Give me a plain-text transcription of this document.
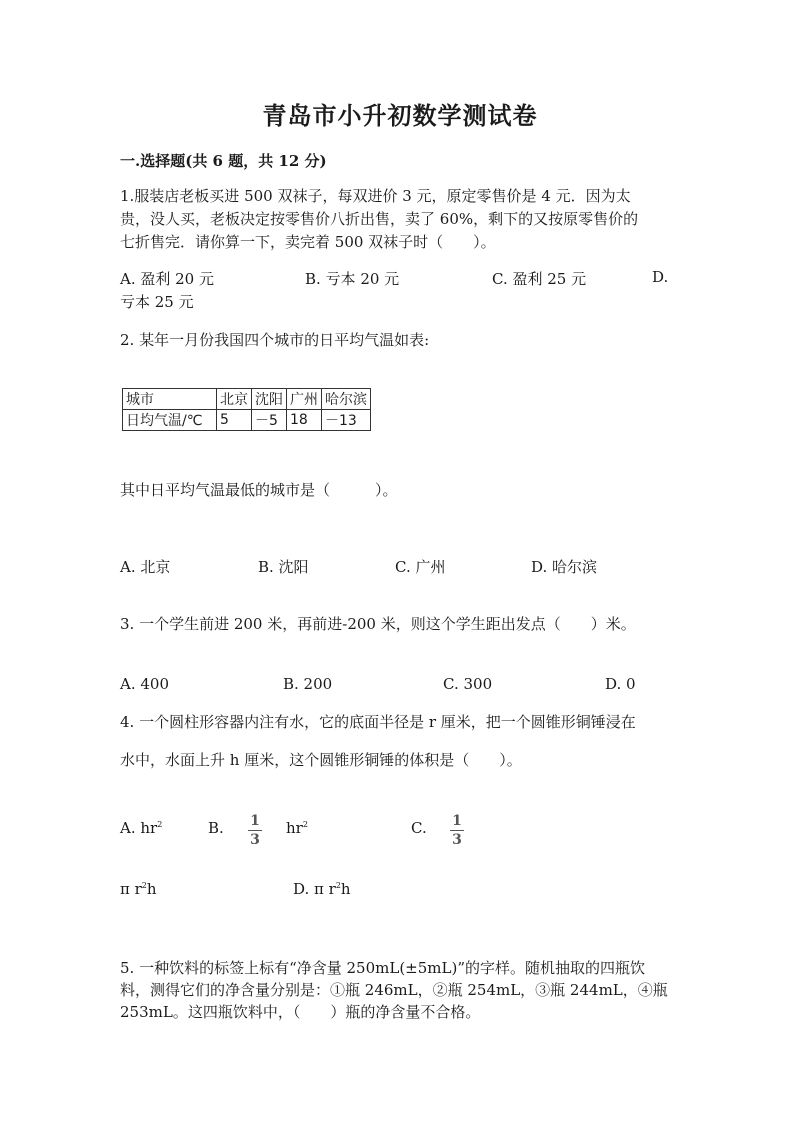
青岛市小升初数学测试卷
一.选择题(共 6 题，共 12 分)
1.服装店老板买进 500 双袜子，每双进价 3 元，原定零售价是 4 元．因为太
贵，没人买，老板决定按零售价八折出售，卖了 60%，剩下的又按原零售价的
七折售完．请你算一下，卖完着 500 双袜子时（　　）。
A. 盈利 20 元	B. 亏本 20 元	C. 盈利 25 元	D.
亏本 25 元
2. 某年一月份我国四个城市的日平均气温如表:
城市	北京	沈阳	广州	哈尔滨
日均气温/℃	5	－5	18	－13
其中日平均气温最低的城市是（　　　）。
A. 北京	B. 沈阳	C. 广州	D. 哈尔滨
3. 一个学生前进 200 米，再前进-200 米，则这个学生距出发点（　　）米。
A. 400	B. 200	C. 300	D. 0
4. 一个圆柱形容器内注有水，它的底面半径是 r 厘米，把一个圆锥形铜锤浸在
水中，水面上升 h 厘米，这个圆锥形铜锤的体积是（　　）。
A. $hr^2$	B. 1
3
$hr^2$	C. 1
3
π $r^2h$	D. π $r^2h$
5. 一种饮料的标签上标有“净含量 250mL(±5mL)”的字样。随机抽取的四瓶饮
料，测得它们的净含量分别是：①瓶 246mL，②瓶 254mL，③瓶 244mL，④瓶
253mL。这四瓶饮料中，（　　）瓶的净含量不合格。
